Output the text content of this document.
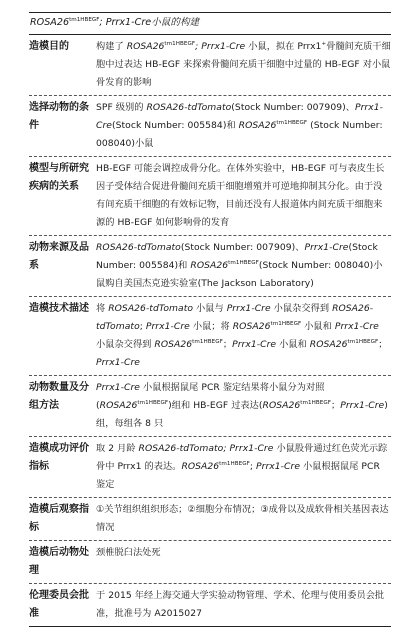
$ROSA26^{tm1HBEGF}$; Prrx1-Cre小鼠的构建
造模目的	构建了 $ROSA26^{tm1HBEGF}$; Prrx1-Cre 小鼠，拟在 Prrx1+骨髓间充质干细胞中过表达 HB-EGF 来探索骨髓间充质干细胞中过量的 HB-EGF 对小鼠骨发育的影响
选择动物的条件
SPF 级别的 ROSA26-tdTomato(Stock Number: 007909)、Prrx1-Cre(Stock Number: 005584)和 $ROSA26^{tm1HBEGF}$ (Stock Number: 008040)小鼠
模型与所研究疾病的关系
HB-EGF 可能会调控成骨分化。在体外实验中，HB-EGF 可与表皮生长因子受体结合促进骨髓间充质干细胞增殖并可逆地抑制其分化。由于没有间充质干细胞的有效标记物，目前还没有人报道体内间充质干细胞来源的 HB-EGF 如何影响骨的发育
动物来源及品系
ROSA26-tdTomato(Stock Number: 007909)、Prrx1-Cre(Stock Number: 005584)和 $ROSA26^{tm1HBEGF}(Stock$ Number: 008040)小鼠购自美国杰克逊实验室(The Jackson Laboratory)
造模技术描述 将 ROSA26-tdTomato 小鼠与 Prrx1-Cre 小鼠杂交得到 ROSA26-tdTomato; Prrx1-Cre 小鼠；将 $ROSA26^{tm1HBEGF}$ 小鼠和 Prrx1-Cre 小鼠杂交得到 $ROSA26^{tm1HBEGF}$；Prrx1-Cre 小鼠和 $ROSA26^{tm1HBEGF}$； Prrx1-Cre
动物数量及分组方法
Prrx1-Cre 小鼠根据鼠尾 PCR 鉴定结果将小鼠分为对照$(ROSA26^{tm1HBEGF})$组和 HB-EGF 过表达($ROSA26^{tm1HBEGF}$；Prrx1-Cre)组，每组各 8 只
造模成功评价指标
取 2 月龄 ROSA26-tdTomato; Prrx1-Cre 小鼠股骨通过红色荧光示踪骨中 Prrx1 的表达。$ROSA26^{tm1HBEGF}$; Prrx1-Cre 小鼠根据鼠尾 PCR 鉴定
造模后观察指标
①关节组织组织形态；②细胞分布情况；③成骨以及成软骨相关基因表达情况
造模后动物处理
颈椎脱臼法处死
伦理委员会批准
于 2015 年经上海交通大学实验动物管理、学术、伦理与使用委员会批准，批准号为 A2015027
